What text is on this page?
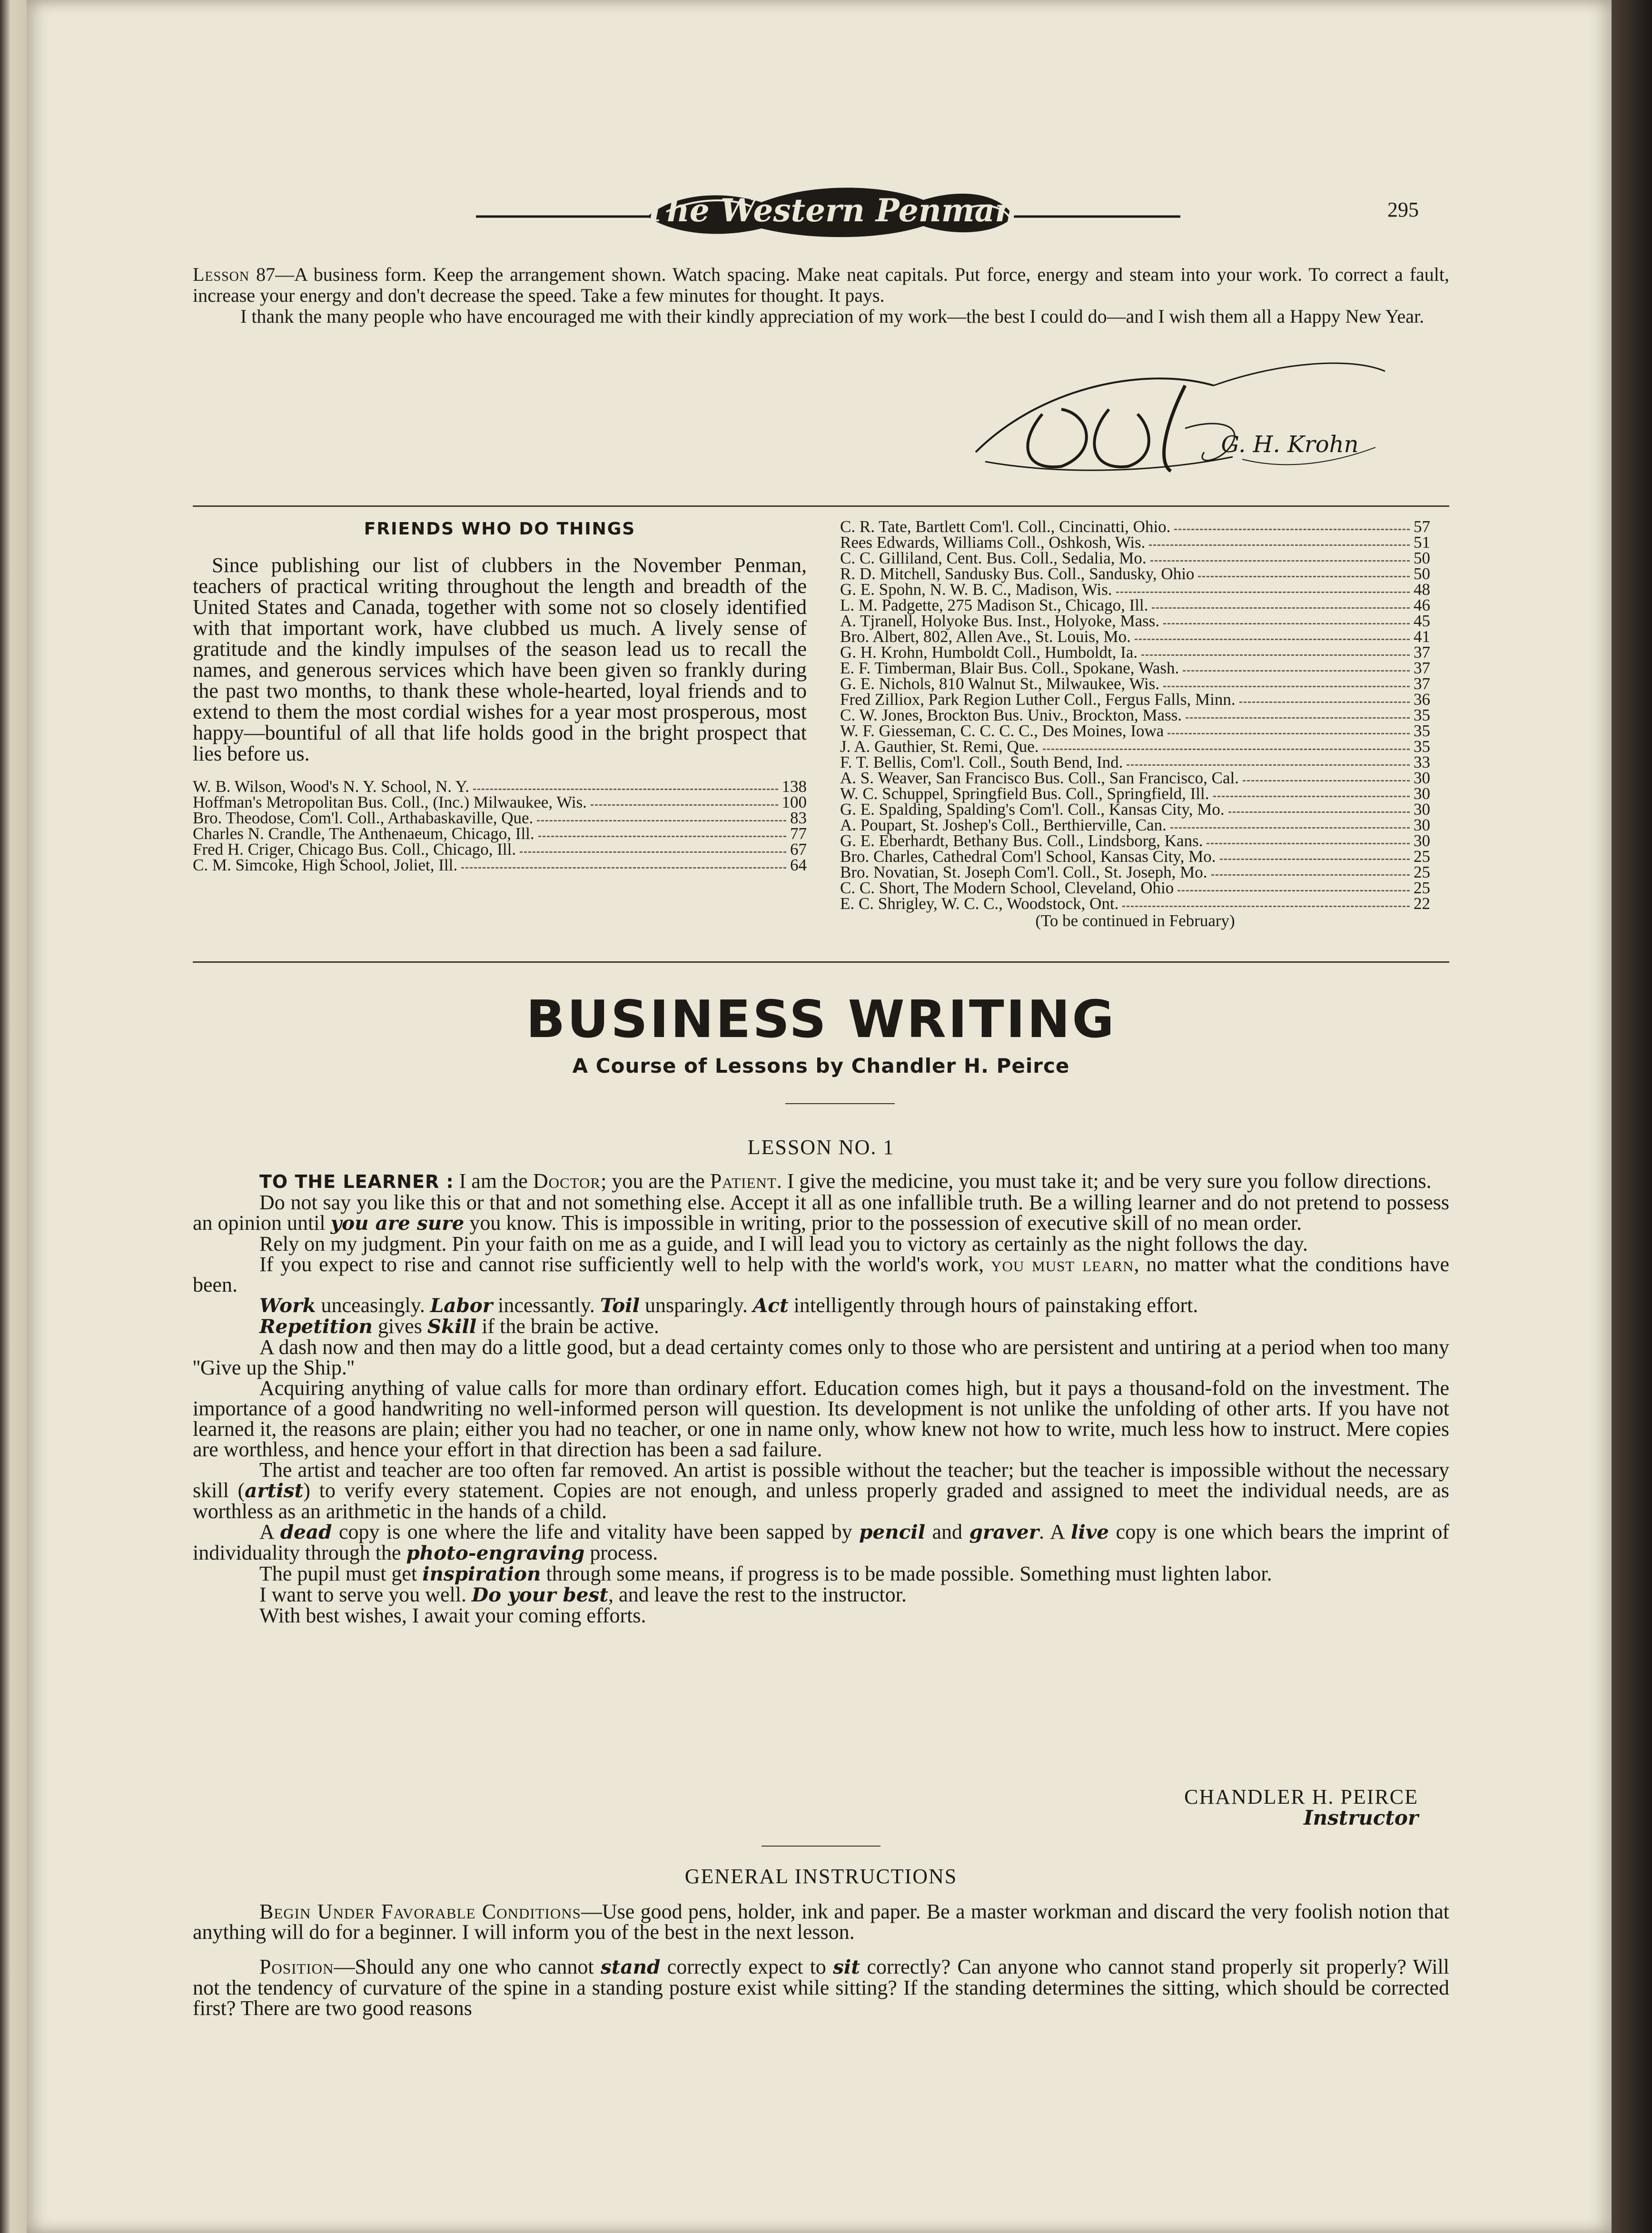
The Western Penman	295

Lesson 87—A business form. Keep the arrangement shown. Watch spacing. Make neat capitals. Put force, energy and steam into your work. To correct a fault, increase your energy and don't decrease the speed. Take a few minutes for thought. It pays.

I thank the many people who have encouraged me with their kindly appreciation of my work—the best I could do—and I wish them all a Happy New Year.

G. H. Krohn
FRIENDS WHO DO THINGS

Since publishing our list of clubbers in the November Penman, teachers of practical writing throughout the length and breadth of the United States and Canada, together with some not so closely identified with that important work, have clubbed us much. A lively sense of gratitude and the kindly impulses of the season lead us to recall the names, and generous services which have been given so frankly during the past two months, to thank these whole-hearted, loyal friends and to extend to them the most cordial wishes for a year most prosperous, most happy—bountiful of all that life holds good in the bright prospect that lies before us.

W. B. Wilson, Wood's N. Y. School, N. Y.	138
Hoffman's Metropolitan Bus. Coll., (Inc.) Milwaukee, Wis.	100
Bro. Theodose, Com'l. Coll., Arthabaskaville, Que.	83
Charles N. Crandle, The Anthenaeum, Chicago, Ill.	77
Fred H. Criger, Chicago Bus. Coll., Chicago, Ill.	67
C. M. Simcoke, High School, Joliet, Ill.	64
C. R. Tate, Bartlett Com'l. Coll., Cincinatti, Ohio.	57
Rees Edwards, Williams Coll., Oshkosh, Wis.	51
C. C. Gilliland, Cent. Bus. Coll., Sedalia, Mo.	50
R. D. Mitchell, Sandusky Bus. Coll., Sandusky, Ohio	50
G. E. Spohn, N. W. B. C., Madison, Wis.	48
L. M. Padgette, 275 Madison St., Chicago, Ill.	46
A. Tjranell, Holyoke Bus. Inst., Holyoke, Mass.	45
Bro. Albert, 802, Allen Ave., St. Louis, Mo.	41
G. H. Krohn, Humboldt Coll., Humboldt, Ia.	37
E. F. Timberman, Blair Bus. Coll., Spokane, Wash.	37
G. E. Nichols, 810 Walnut St., Milwaukee, Wis.	37
Fred Zilliox, Park Region Luther Coll., Fergus Falls, Minn.	36
C. W. Jones, Brockton Bus. Univ., Brockton, Mass.	35
W. F. Giesseman, C. C. C. C., Des Moines, Iowa	35
J. A. Gauthier, St. Remi, Que.	35
F. T. Bellis, Com'l. Coll., South Bend, Ind.	33
A. S. Weaver, San Francisco Bus. Coll., San Francisco, Cal.	30
W. C. Schuppel, Springfield Bus. Coll., Springfield, Ill.	30
G. E. Spalding, Spalding's Com'l. Coll., Kansas City, Mo.	30
A. Poupart, St. Joshep's Coll., Berthierville, Can.	30
G. E. Eberhardt, Bethany Bus. Coll., Lindsborg, Kans.	30
Bro. Charles, Cathedral Com'l School, Kansas City, Mo.	25
Bro. Novatian, St. Joseph Com'l. Coll., St. Joseph, Mo.	25
C. C. Short, The Modern School, Cleveland, Ohio	25
E. C. Shrigley, W. C. C., Woodstock, Ont.	22
(To be continued in February)
BUSINESS WRITING
A Course of Lessons by Chandler H. Peirce
LESSON NO. 1

TO THE LEARNER : I am the Doctor; you are the Patient. I give the medicine, you must take it; and be very sure you follow directions.

Do not say you like this or that and not something else. Accept it all as one infallible truth. Be a willing learner and do not pretend to possess an opinion until you are sure you know. This is impossible in writing, prior to the possession of executive skill of no mean order.

Rely on my judgment. Pin your faith on me as a guide, and I will lead you to victory as certainly as the night follows the day.

If you expect to rise and cannot rise sufficiently well to help with the world's work, you must learn, no matter what the conditions have been.

Work unceasingly. Labor incessantly. Toil unsparingly. Act intelligently through hours of painstaking effort.

Repetition gives Skill if the brain be active.

A dash now and then may do a little good, but a dead certainty comes only to those who are persistent and untiring at a period when too many ''Give up the Ship.''

Acquiring anything of value calls for more than ordinary effort. Education comes high, but it pays a thousand-fold on the investment. The importance of a good handwriting no well-informed person will question. Its development is not unlike the unfolding of other arts. If you have not learned it, the reasons are plain; either you had no teacher, or one in name only, whow knew not how to write, much less how to instruct. Mere copies are worthless, and hence your effort in that direction has been a sad failure.

The artist and teacher are too often far removed. An artist is possible without the teacher; but the teacher is impossible without the necessary skill (artist) to verify every statement. Copies are not enough, and unless properly graded and assigned to meet the individual needs, are as worthless as an arithmetic in the hands of a child.

A dead copy is one where the life and vitality have been sapped by pencil and graver. A live copy is one which bears the imprint of individuality through the photo-engraving process.

The pupil must get inspiration through some means, if progress is to be made possible. Something must lighten labor.

I want to serve you well. Do your best, and leave the rest to the instructor.

With best wishes, I await your coming efforts.

CHANDLER H. PEIRCE
Instructor
GENERAL INSTRUCTIONS

Begin Under Favorable Conditions—Use good pens, holder, ink and paper. Be a master workman and discard the very foolish notion that anything will do for a beginner. I will inform you of the best in the next lesson.

Position—Should any one who cannot stand correctly expect to sit correctly? Can anyone who cannot stand properly sit properly? Will not the tendency of curvature of the spine in a standing posture exist while sitting? If the standing determines the sitting, which should be corrected first? There are two good reasons
